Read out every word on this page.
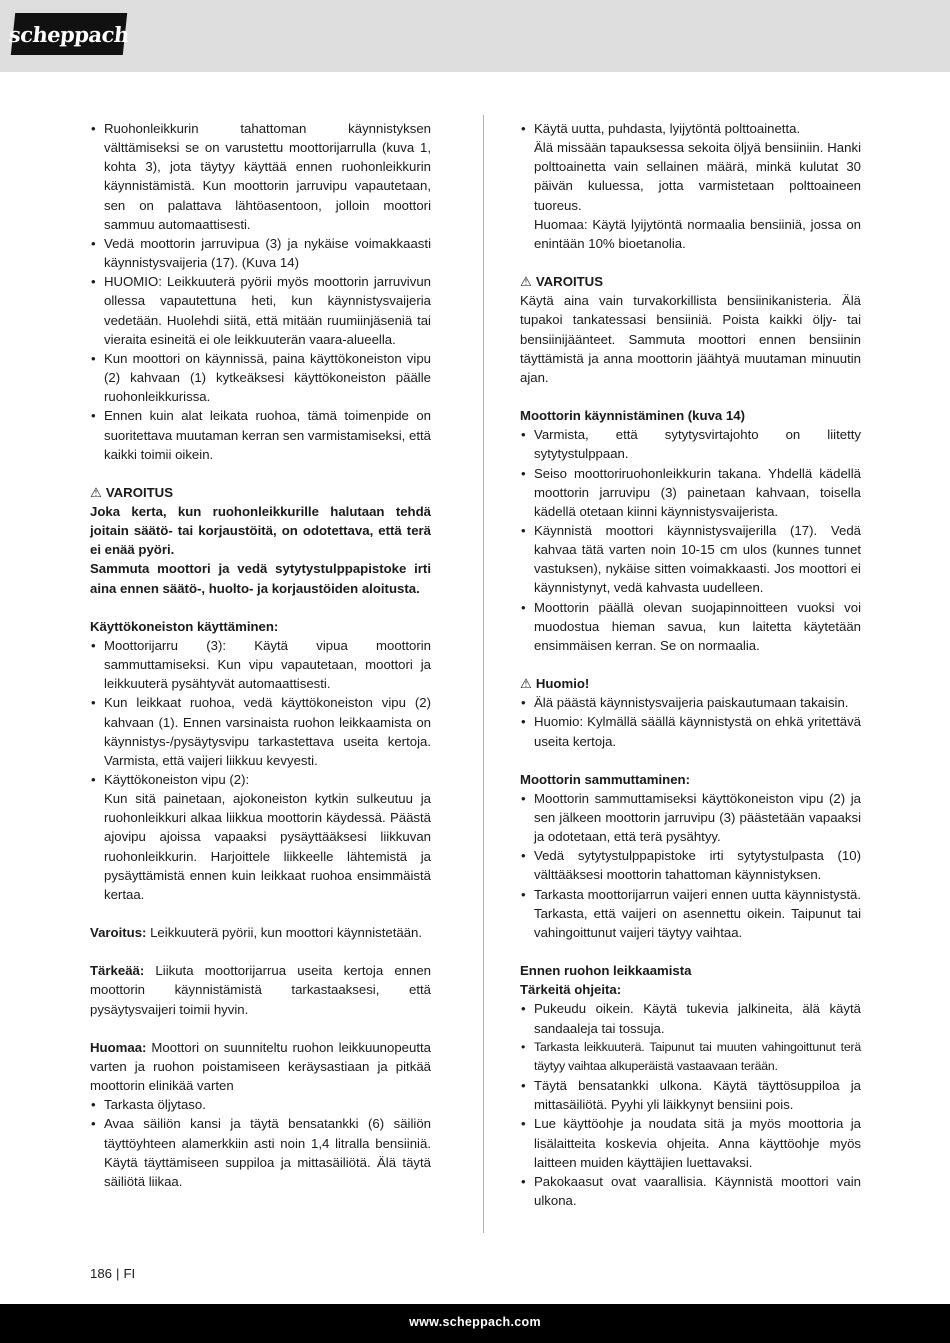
scheppach
• Ruohonleikkurin tahattoman käynnistyksen välttämiseksi se on varustettu moottorijarrulla (kuva 1, kohta 3), jota täytyy käyttää ennen ruohonleikkurin käynnistämistä. Kun moottorin jarruvipu vapautetaan, sen on palattava lähtöasentoon, jolloin moottori sammuu automaattisesti.
• Vedä moottorin jarruvipua (3) ja nykäise voimakkaasti käynnistysvaijeria (17). (Kuva 14)
• HUOMIO: Leikkuuterä pyörii myös moottorin jarruvivun ollessa vapautettuna heti, kun käynnistysvaijeria vedetään. Huolehdi siitä, että mitään ruumiinjäseniä tai vieraita esineitä ei ole leikkuuterän vaara-alueella.
• Kun moottori on käynnissä, paina käyttökoneiston vipu (2) kahvaan (1) kytkeäksesi käyttökoneiston päälle ruohonleikkurissa.
• Ennen kuin alat leikata ruohoa, tämä toimenpide on suoritettava muutaman kerran sen varmistamiseksi, että kaikki toimii oikein.

⚠ VAROITUS

Joka kerta, kun ruohonleikkurille halutaan tehdä joitain säätö- tai korjaustöitä, on odotettava, että terä ei enää pyöri.

Sammuta moottori ja vedä sytytystulppapistoke irti aina ennen säätö-, huolto- ja korjaustöiden aloitusta.

Käyttökoneiston käyttäminen:

• Moottorijarru (3): Käytä vipua moottorin sammuttamiseksi. Kun vipu vapautetaan, moottori ja leikkuuterä pysähtyvät automaattisesti.
• Kun leikkaat ruohoa, vedä käyttökoneiston vipu (2) kahvaan (1). Ennen varsinaista ruohon leikkaamista on käynnistys-/pysäytysvipu tarkastettava useita kertoja. Varmista, että vaijeri liikkuu kevyesti.
• Käyttökoneiston vipu (2):

Kun sitä painetaan, ajokoneiston kytkin sulkeutuu ja ruohonleikkuri alkaa liikkua moottorin käydessä. Päästä ajovipu ajoissa vapaaksi pysäyttääksesi liikkuvan ruohonleikkurin. Harjoittele liikkeelle lähtemistä ja pysäyttämistä ennen kuin leikkaat ruohoa ensimmäistä kertaa.

Varoitus: Leikkuuterä pyörii, kun moottori käynnistetään.

Tärkeää: Liikuta moottorijarrua useita kertoja ennen moottorin käynnistämistä tarkastaaksesi, että pysäytysvaijeri toimii hyvin.

Huomaa: Moottori on suunniteltu ruohon leikkuunopeutta varten ja ruohon poistamiseen keräysastiaan ja pitkää moottorin elinikää varten

• Tarkasta öljytaso.
• Avaa säiliön kansi ja täytä bensatankki (6) säiliön täyttöyhteen alamerkkiin asti noin 1,4 litralla bensiiniä. Käytä täyttämiseen suppiloa ja mittasäiliötä. Älä täytä säiliötä liikaa.
• Käytä uutta, puhdasta, lyijytöntä polttoainetta.

Älä missään tapauksessa sekoita öljyä bensiiniin. Hanki polttoainetta vain sellainen määrä, minkä kulutat 30 päivän kuluessa, jotta varmistetaan polttoaineen tuoreus.

Huomaa: Käytä lyijytöntä normaalia bensiiniä, jossa on enintään 10% bioetanolia.

⚠ VAROITUS

Käytä aina vain turvakorkillista bensiinikanisteria. Älä tupakoi tankatessasi bensiiniä. Poista kaikki öljy- tai bensiinijäänteet. Sammuta moottori ennen bensiinin täyttämistä ja anna moottorin jäähtyä muutaman minuutin ajan.

Moottorin käynnistäminen (kuva 14)

• Varmista, että sytytysvirtajohto on liitetty sytytystulppaan.
• Seiso moottoriruohonleikkurin takana. Yhdellä kädellä moottorin jarruvipu (3) painetaan kahvaan, toisella kädellä otetaan kiinni käynnistysvaijerista.
• Käynnistä moottori käynnistysvaijerilla (17). Vedä kahvaa tätä varten noin 10-15 cm ulos (kunnes tunnet vastuksen), nykäise sitten voimakkaasti. Jos moottori ei käynnistynyt, vedä kahvasta uudelleen.
• Moottorin päällä olevan suojapinnoitteen vuoksi voi muodostua hieman savua, kun laitetta käytetään ensimmäisen kerran. Se on normaalia.

⚠ Huomio!

• Älä päästä käynnistysvaijeria paiskautumaan takaisin.
• Huomio: Kylmällä säällä käynnistystä on ehkä yritettävä useita kertoja.

Moottorin sammuttaminen:

• Moottorin sammuttamiseksi käyttökoneiston vipu (2) ja sen jälkeen moottorin jarruvipu (3) päästetään vapaaksi ja odotetaan, että terä pysähtyy.
• Vedä sytytystulppapistoke irti sytytystulpasta (10) välttääksesi moottorin tahattoman käynnistyksen.
• Tarkasta moottorijarrun vaijeri ennen uutta käynnistystä. Tarkasta, että vaijeri on asennettu oikein. Taipunut tai vahingoittunut vaijeri täytyy vaihtaa.

Ennen ruohon leikkaamista

Tärkeitä ohjeita:

• Pukeudu oikein. Käytä tukevia jalkineita, älä käytä sandaaleja tai tossuja.
• Tarkasta leikkuuterä. Taipunut tai muuten vahingoittunut terä täytyy vaihtaa alkuperäistä vastaavaan terään.
• Täytä bensatankki ulkona. Käytä täyttösuppiloa ja mittasäiliötä. Pyyhi yli läikkynyt bensiini pois.
• Lue käyttöohje ja noudata sitä ja myös moottoria ja lisälaitteita koskevia ohjeita. Anna käyttöohje myös laitteen muiden käyttäjien luettavaksi.
• Pakokaasut ovat vaarallisia. Käynnistä moottori vain ulkona.
186 | FI
www.scheppach.com
